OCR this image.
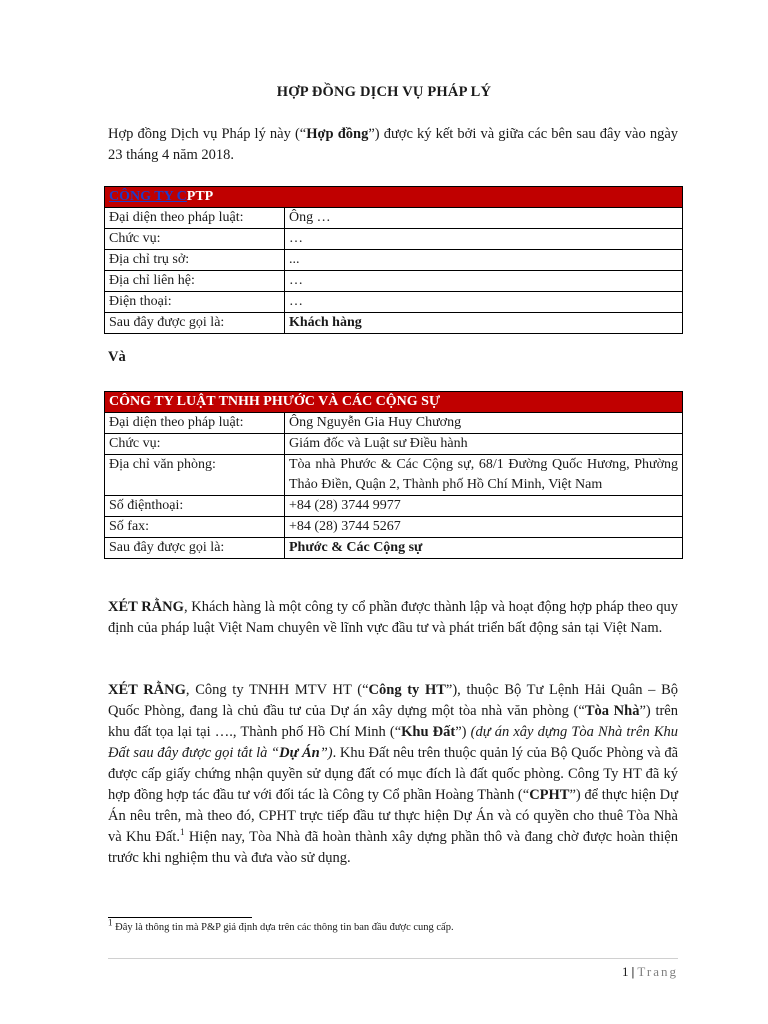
HỢP ĐỒNG DỊCH VỤ PHÁP LÝ
Hợp đồng Dịch vụ Pháp lý này (“Hợp đồng”) được ký kết bởi và giữa các bên sau đây vào ngày 23 tháng 4 năm 2018.
CÔNG TY CPTP	
Đại diện theo pháp luật:	Ông …
Chức vụ:	…
Địa chỉ trụ sở:	...
Địa chỉ liên hệ:	…
Điện thoại:	…
Sau đây được gọi là:	Khách hàng
Và
CÔNG TY LUẬT TNHH PHƯỚC VÀ CÁC CỘNG SỰ	
Đại diện theo pháp luật:	Ông Nguyễn Gia Huy Chương
Chức vụ:	Giám đốc và Luật sư Điều hành
Địa chỉ văn phòng:	Tòa nhà Phước & Các Cộng sự, 68/1 Đường Quốc Hương, Phường Thảo Điền, Quận 2, Thành phố Hồ Chí Minh, Việt Nam
Số điệnthoại:	+84 (28) 3744 9977
Số fax:	+84 (28) 3744 5267
Sau đây được gọi là:	Phước & Các Cộng sự
XÉT RẰNG, Khách hàng là một công ty cổ phần được thành lập và hoạt động hợp pháp theo quy định của pháp luật Việt Nam chuyên về lĩnh vực đầu tư và phát triển bất động sản tại Việt Nam.
XÉT RẰNG, Công ty TNHH MTV HT (“Công ty HT”), thuộc Bộ Tư Lệnh Hải Quân – Bộ Quốc Phòng, đang là chủ đầu tư của Dự án xây dựng một tòa nhà văn phòng (“Tòa Nhà”) trên khu đất tọa lại tại …., Thành phố Hồ Chí Minh (“Khu Đất”) (dự án xây dựng Tòa Nhà trên Khu Đất sau đây được gọi tắt là “Dự Án”). Khu Đất nêu trên thuộc quản lý của Bộ Quốc Phòng và đã được cấp giấy chứng nhận quyền sử dụng đất có mục đích là đất quốc phòng. Công Ty HT đã ký hợp đồng hợp tác đầu tư với đối tác là Công ty Cổ phần Hoàng Thành (“CPHT”) để thực hiện Dự Án nêu trên, mà theo đó, CPHT trực tiếp đầu tư thực hiện Dự Án và có quyền cho thuê Tòa Nhà và Khu Đất.$^1$ Hiện nay, Tòa Nhà đã hoàn thành xây dựng phần thô và đang chờ được hoàn thiện trước khi nghiệm thu và đưa vào sử dụng.
$^1$ Đây là thông tin mà P&P giả định dựa trên các thông tin ban đầu được cung cấp.
1 | Trang
